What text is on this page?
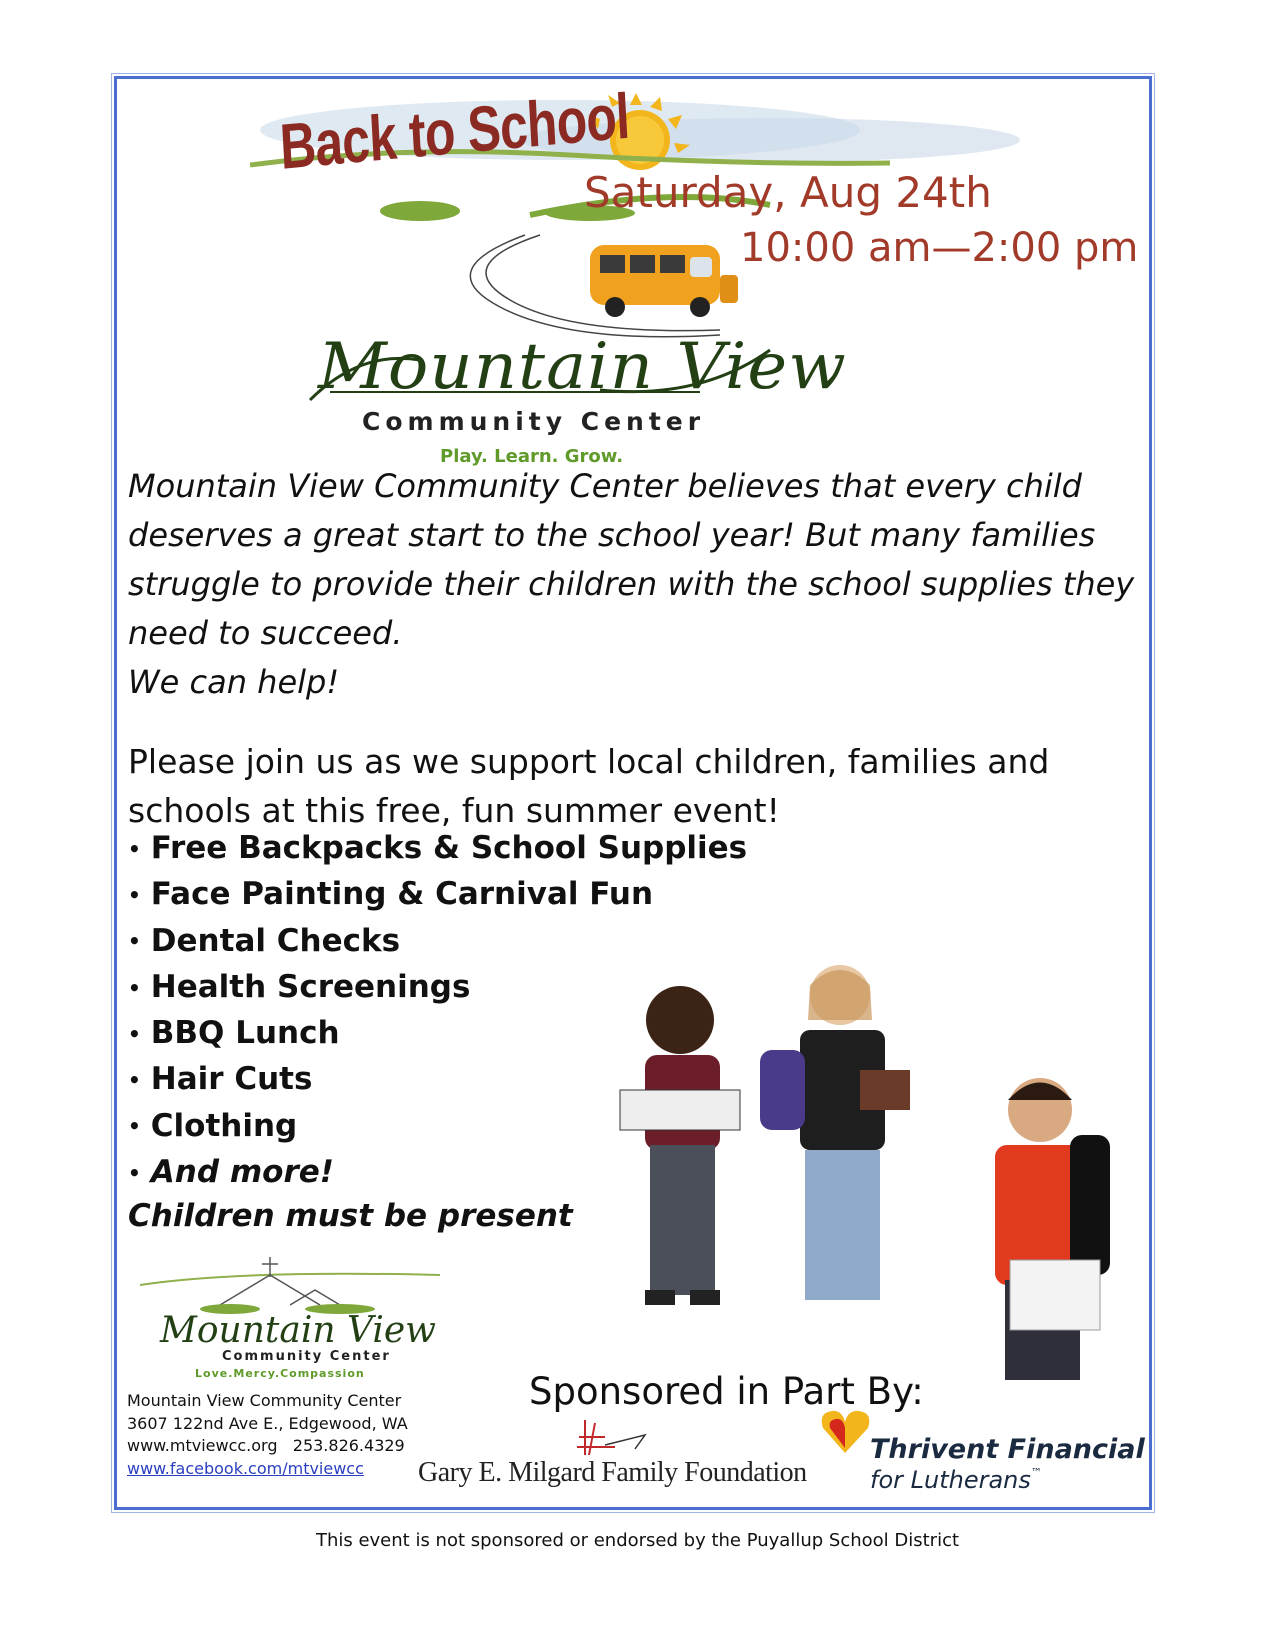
Back to School
Saturday, Aug 24th
10:00 am—2:00 pm
Mountain View
Community Center
Play. Learn. Grow.

Mountain View Community Center believes that every child deserves a great start to the school year! But many families struggle to provide their children with the school supplies they need to succeed.

We can help!

Please join us as we support local children, families and schools at this free, fun summer event!
• Free Backpacks & School Supplies
• Face Painting & Carnival Fun
• Dental Checks
• Health Screenings
• BBQ Lunch
• Hair Cuts
• Clothing
• And more!
Children must be present
Mountain View
Community Center
Love.Mercy.Compassion
Mountain View Community Center
3607 122nd Ave E., Edgewood, WA
www.mtviewcc.org   253.826.4329
www.facebook.com/mtviewcc
Sponsored in Part By:
Gary E. Milgard Family Foundation
Thrivent Financial
for Lutherans™
This event is not sponsored or endorsed by the Puyallup School District
